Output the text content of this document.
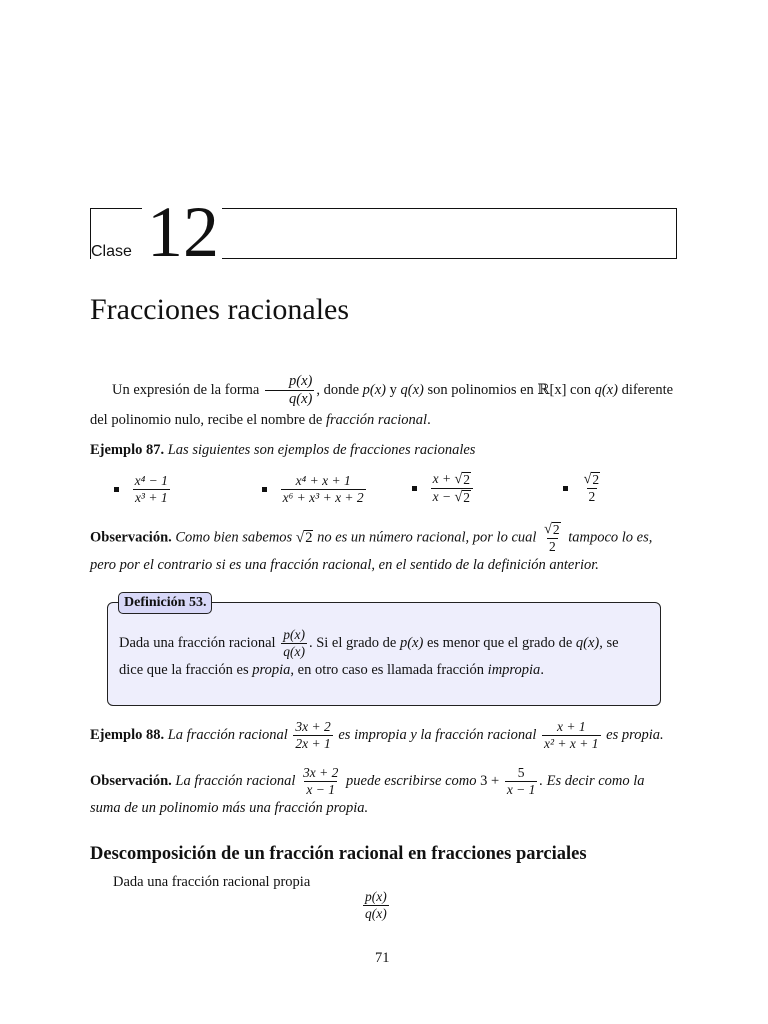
Clase 12
Fracciones racionales

Un expresión de la forma $\frac{p(x)}{q(x)}$ , donde p(x) y q(x) son polinomios en ℝ[x] con q(x) diferente

del polinomio nulo, recibe el nombre de fracción racional.

Ejemplo 87. Las siguientes son ejemplos de fracciones racionales

$\frac{\text{x⁴ − 1}}{\text{x³ + 1}}$
	$\frac{\text{x⁴ + x + 1}}{\text{x⁶ + x³ + x + 2}}$
	$\frac{x + √ 2}{x - √ 2}$
	$\frac{√ 2}{2}$

Observación. Como bien sabemos √ 2 no es un número racional, por lo cual $\frac{√ 2}{2}$ tampoco lo es,

pero por el contrario si es una fracción racional, en el sentido de la definición anterior.

Definición 53.

Dada una fracción racional $\frac{p(x)}{q(x)}$ . Si el grado de p(x) es menor que el grado de q(x), se

dice que la fracción es propia, en otro caso es llamada fracción impropia.

Ejemplo 88. La fracción racional $\frac{3x + 2}{2x + 1}$ es impropia y la fracción racional $\frac{x + 1}{\text{x² + x + 1}}$ es propia.

Observación. La fracción racional $\frac{3x + 2}{x - 1}$ puede escribirse como $3 + \frac{5}{x - 1}$ . Es decir como la

suma de un polinomio más una fracción propia.

Descomposición de un fracción racional en fracciones parciales
Dada una fracción racional propia
$\frac{p(x)}{q(x)}$
71
